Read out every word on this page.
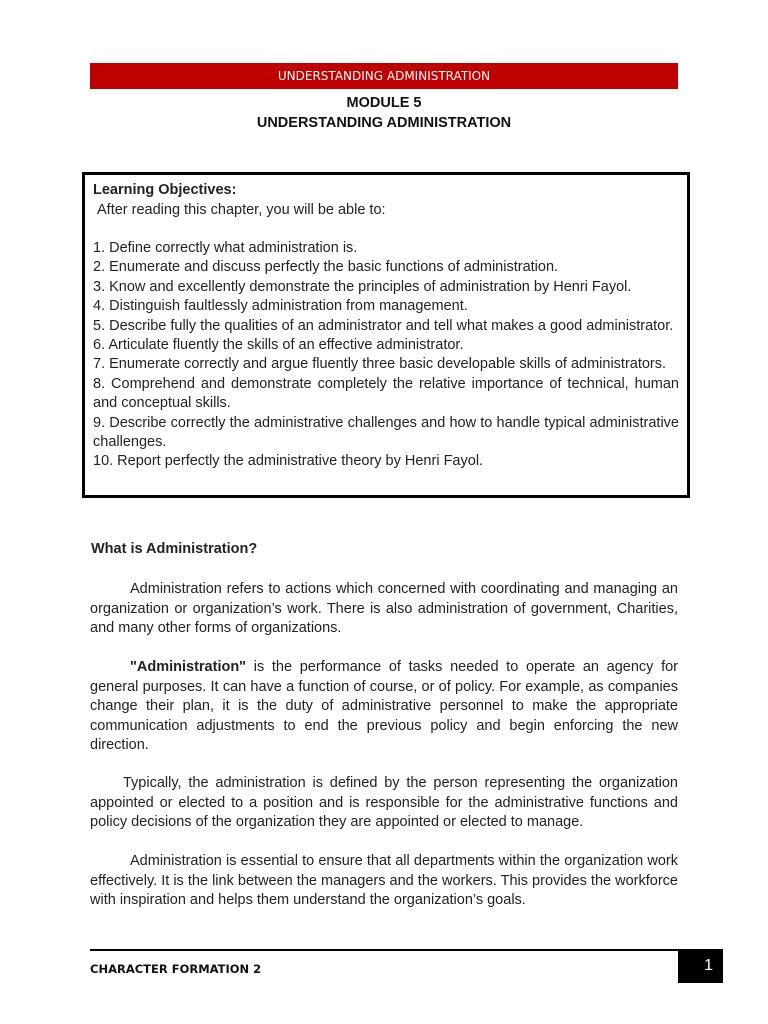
UNDERSTANDING ADMINISTRATION
MODULE 5
UNDERSTANDING ADMINISTRATION
Learning Objectives:
After reading this chapter, you will be able to:
1. Define correctly what administration is.
2. Enumerate and discuss perfectly the basic functions of administration.
3. Know and excellently demonstrate the principles of administration by Henri Fayol.
4. Distinguish faultlessly administration from management.
5. Describe fully the qualities of an administrator and tell what makes a good administrator.
6. Articulate fluently the skills of an effective administrator.
7. Enumerate correctly and argue fluently three basic developable skills of administrators.
8. Comprehend and demonstrate completely the relative importance of technical, human and conceptual skills.
9. Describe correctly the administrative challenges and how to handle typical administrative challenges.
10. Report perfectly the administrative theory by Henri Fayol.
What is Administration?
Administration refers to actions which concerned with coordinating and managing an organization or organization’s work. There is also administration of government, Charities, and many other forms of organizations.
"Administration" is the performance of tasks needed to operate an agency for general purposes. It can have a function of course, or of policy. For example, as companies change their plan, it is the duty of administrative personnel to make the appropriate communication adjustments to end the previous policy and begin enforcing the new direction.
Typically, the administration is defined by the person representing the organization appointed or elected to a position and is responsible for the administrative functions and policy decisions of the organization they are appointed or elected to manage.
Administration is essential to ensure that all departments within the organization work effectively. It is the link between the managers and the workers. This provides the workforce with inspiration and helps them understand the organization’s goals.
CHARACTER FORMATION 2	1
